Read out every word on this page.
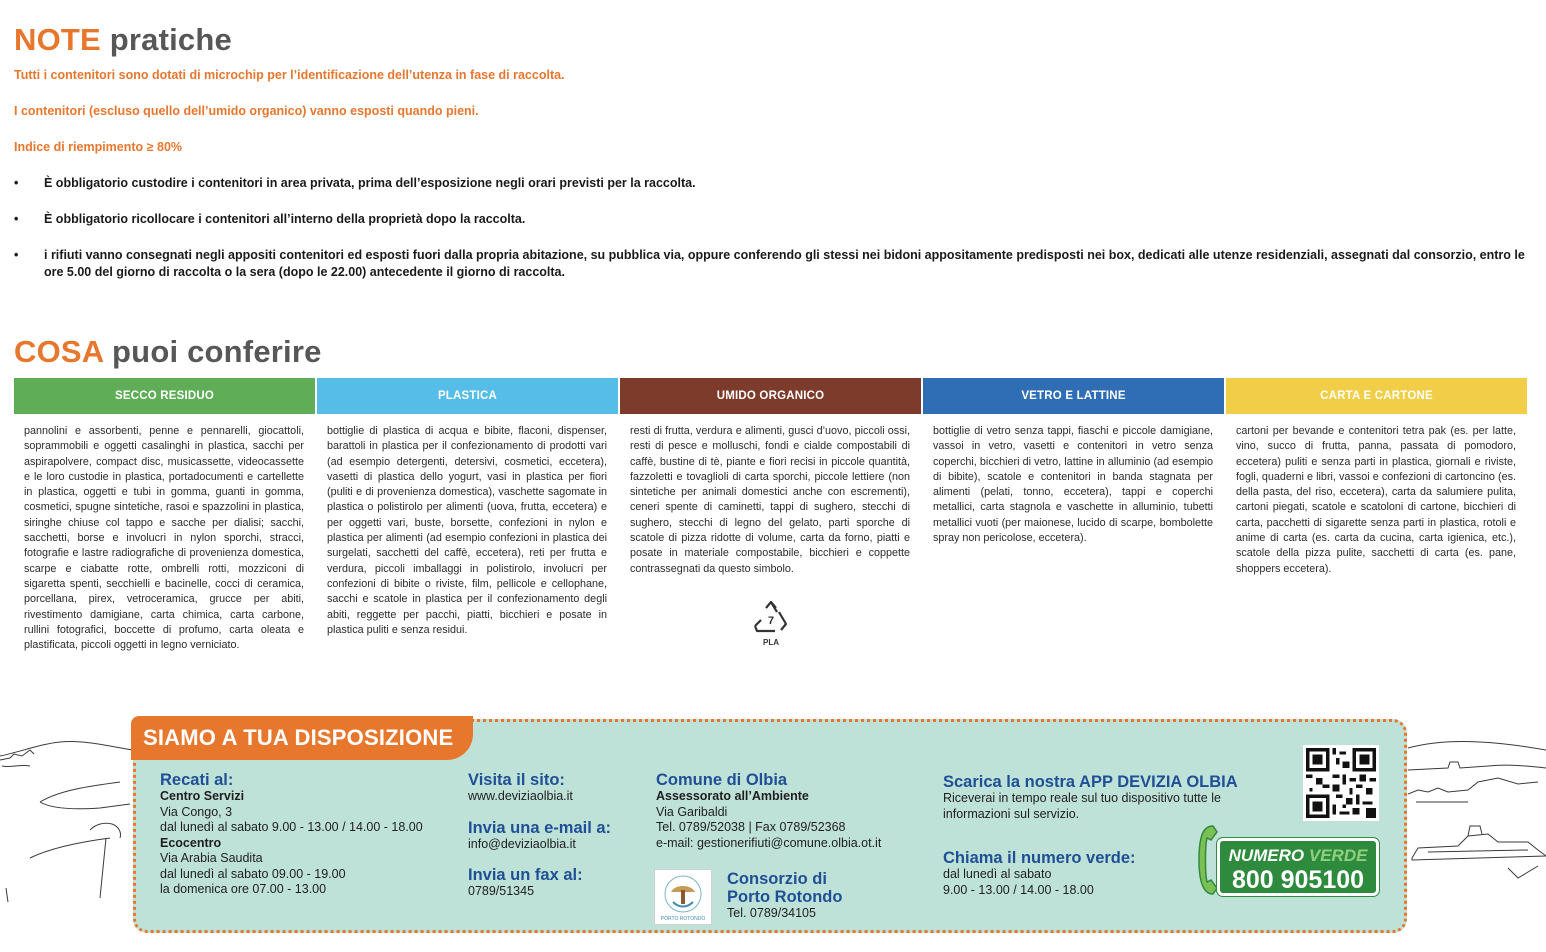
NOTE pratiche
Tutti i contenitori sono dotati di microchip per l’identificazione dell’utenza in fase di raccolta.
I contenitori (escluso quello dell’umido organico) vanno esposti quando pieni.
Indice di riempimento ≥ 80%
•	È obbligatorio custodire i contenitori in area privata, prima dell’esposizione negli orari previsti per la raccolta.
•	È obbligatorio ricollocare i contenitori all’interno della proprietà dopo la raccolta.
•	i rifiuti vanno consegnati negli appositi contenitori ed esposti fuori dalla propria abitazione, su pubblica via, oppure conferendo gli stessi nei bidoni appositamente predisposti nei box, dedicati alle utenze residenziali, assegnati dal consorzio, entro le ore 5.00 del giorno di raccolta o la sera (dopo le 22.00) antecedente il giorno di raccolta.
COSA puoi conferire
SECCO RESIDUO	PLASTICA	UMIDO ORGANICO	VETRO E LATTINE	CARTA E CARTONE
pannolini e assorbenti, penne e pennarelli, giocattoli, soprammobili e oggetti casalinghi in plastica, sacchi per aspirapolvere, compact disc, musicassette, videocassette e le loro custodie in plastica, portadocumenti e cartellette in plastica, oggetti e tubi in gomma, guanti in gomma, cosmetici, spugne sintetiche, rasoi e spazzolini in plastica, siringhe chiuse col tappo e sacche per dialisi; sacchi, sacchetti, borse e involucri in nylon sporchi, stracci, fotografie e lastre radiografiche di provenienza domestica, scarpe e ciabatte rotte, ombrelli rotti, mozziconi di sigaretta spenti, secchielli e bacinelle, cocci di ceramica, porcellana, pirex, vetroceramica, grucce per abiti, rivestimento damigiane, carta chimica, carta carbone, rullini fotografici, boccette di profumo, carta oleata e plastificata, piccoli oggetti in legno verniciato.
bottiglie di plastica di acqua e bibite, flaconi, dispenser, barattoli in plastica per il confezionamento di prodotti vari (ad esempio detergenti, detersivi, cosmetici, eccetera), vasetti di plastica dello yogurt, vasi in plastica per fiori (puliti e di provenienza domestica), vaschette sagomate in plastica o polistirolo per alimenti (uova, frutta, eccetera) e per oggetti vari, buste, borsette, confezioni in nylon e plastica per alimenti (ad esempio confezioni in plastica dei surgelati, sacchetti del caffè, eccetera), reti per frutta e verdura, piccoli imballaggi in polistirolo, involucri per confezioni di bibite o riviste, film, pellicole e cellophane, sacchi e scatole in plastica per il confezionamento degli abiti, reggette per pacchi, piatti, bicchieri e posate in plastica puliti e senza residui.
resti di frutta, verdura e alimenti, gusci d’uovo, piccoli ossi, resti di pesce e molluschi, fondi e cialde compostabili di caffè, bustine di tè, piante e fiori recisi in piccole quantità, fazzoletti e tovaglioli di carta sporchi, piccole lettiere (non sintetiche per animali domestici anche con escrementi), ceneri spente di caminetti, tappi di sughero, stecchi di sughero, stecchi di legno del gelato, parti sporche di scatole di pizza ridotte di volume, carta da forno, piatti e posate in materiale compostabile, bicchieri e coppette contrassegnati da questo simbolo.
bottiglie di vetro senza tappi, fiaschi e piccole damigiane, vassoi in vetro, vasetti e contenitori in vetro senza coperchi, bicchieri di vetro, lattine in alluminio (ad esempio di bibite), scatole e contenitori in banda stagnata per alimenti (pelati, tonno, eccetera), tappi e coperchi metallici, carta stagnola e vaschette in alluminio, tubetti metallici vuoti (per maionese, lucido di scarpe, bombolette spray non pericolose, eccetera).
cartoni per bevande e contenitori tetra pak (es. per latte, vino, succo di frutta, panna, passata di pomodoro, eccetera) puliti e senza parti in plastica, giornali e riviste, fogli, quaderni e libri, vassoi e confezioni di cartoncino (es. della pasta, del riso, eccetera), carta da salumiere pulita, cartoni piegati, scatole e scatoloni di cartone, bicchieri di carta, pacchetti di sigarette senza parti in plastica, rotoli e anime di carta (es. carta da cucina, carta igienica, etc.), scatole della pizza pulite, sacchetti di carta (es. pane, shoppers eccetera).
7
PLA
SIAMO A TUA DISPOSIZIONE
Recati al:
Centro Servizi
Via Congo, 3
dal lunedì al sabato 9.00 - 13.00 / 14.00 - 18.00
Ecocentro
Via Arabia Saudita
dal lunedì al sabato 09.00 - 19.00
la domenica ore 07.00 - 13.00
Visita il sito:
www.deviziaolbia.it
Invia una e-mail a:
info@deviziaolbia.it
Invia un fax al:
0789/51345
Comune di Olbia
Assessorato all’Ambiente
Via Garibaldi
Tel. 0789/52038 | Fax 0789/52368
e-mail: gestionerifiuti@comune.olbia.ot.it
PORTO ROTONDO
Consorzio di
Porto Rotondo
Tel. 0789/34105
Scarica la nostra APP DEVIZIA OLBIA
Riceverai in tempo reale sul tuo dispositivo tutte le
informazioni sul servizio.
Chiama il numero verde:
dal lunedì al sabato
9.00 - 13.00 / 14.00 - 18.00
NUMERO VERDE
800 905100
